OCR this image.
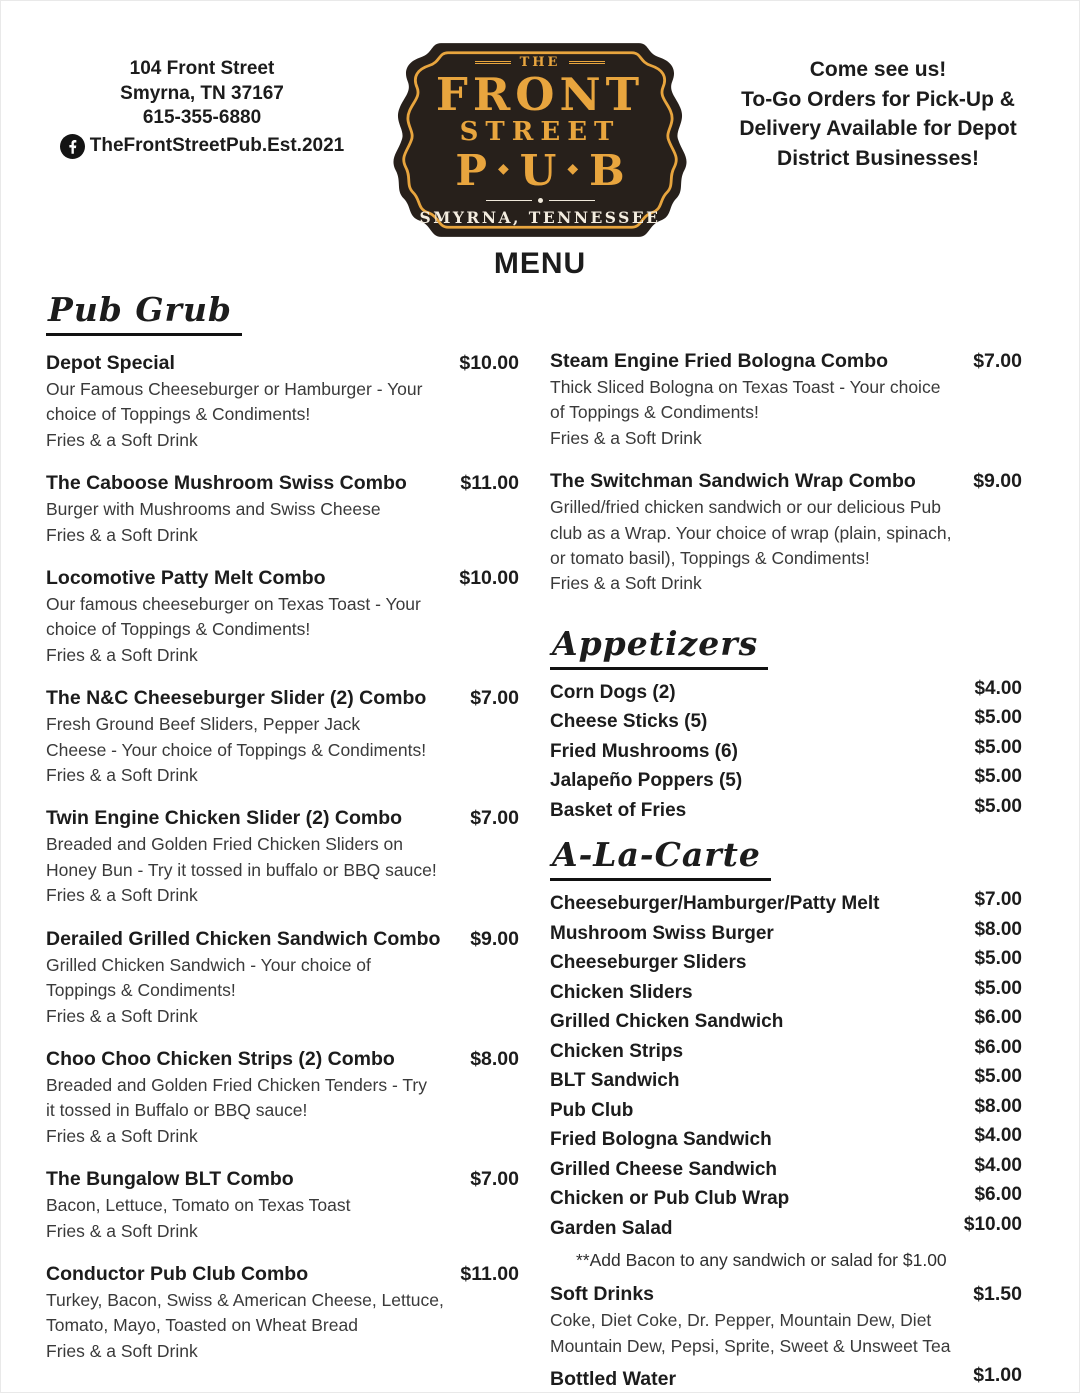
104 Front Street
Smyrna, TN 37167
615-355-6880
TheFrontStreetPub.Est.2021
THE
FRONT
STREET
P ◆ U ◆ B
SMYRNA, TENNESSEE
Come see us!
To-Go Orders for Pick-Up &
Delivery Available for Depot
District Businesses!
MENU
Pub Grub
Depot Special	$10.00
Our Famous Cheeseburger or Hamburger - Your
choice of Toppings & Condiments!
Fries & a Soft Drink
The Caboose Mushroom Swiss Combo	$11.00
Burger with Mushrooms and Swiss Cheese
Fries & a Soft Drink
Locomotive Patty Melt Combo	$10.00
Our famous cheeseburger on Texas Toast - Your
choice of Toppings & Condiments!
Fries & a Soft Drink
The N&C Cheeseburger Slider (2) Combo $7.00
Fresh Ground Beef Sliders, Pepper Jack
Cheese - Your choice of Toppings & Condiments!
Fries & a Soft Drink
Twin Engine Chicken Slider (2) Combo	$7.00
Breaded and Golden Fried Chicken Sliders on
Honey Bun - Try it tossed in buffalo or BBQ sauce!
Fries & a Soft Drink
Derailed Grilled Chicken Sandwich Combo $9.00
Grilled Chicken Sandwich - Your choice of
Toppings & Condiments!
Fries & a Soft Drink
Choo Choo Chicken Strips (2) Combo	$8.00
Breaded and Golden Fried Chicken Tenders - Try
it tossed in Buffalo or BBQ sauce!
Fries & a Soft Drink
The Bungalow BLT Combo	$7.00
Bacon, Lettuce, Tomato on Texas Toast
Fries & a Soft Drink
Conductor Pub Club Combo	$11.00
Turkey, Bacon, Swiss & American Cheese, Lettuce,
Tomato, Mayo, Toasted on Wheat Bread
Fries & a Soft Drink
Steam Engine Fried Bologna Combo	$7.00
Thick Sliced Bologna on Texas Toast - Your choice
of Toppings & Condiments!
Fries & a Soft Drink
The Switchman Sandwich Wrap Combo	$9.00
Grilled/fried chicken sandwich or our delicious Pub
club as a Wrap. Your choice of wrap (plain, spinach,
or tomato basil), Toppings & Condiments!
Fries & a Soft Drink
Appetizers
Corn Dogs (2)	$4.00
Cheese Sticks (5)	$5.00
Fried Mushrooms (6)	$5.00
Jalapeño Poppers (5)	$5.00
Basket of Fries	$5.00
A-La-Carte
Cheeseburger/Hamburger/Patty Melt	$7.00
Mushroom Swiss Burger	$8.00
Cheeseburger Sliders	$5.00
Chicken Sliders	$5.00
Grilled Chicken Sandwich	$6.00
Chicken Strips	$6.00
BLT Sandwich	$5.00
Pub Club	$8.00
Fried Bologna Sandwich	$4.00
Grilled Cheese Sandwich	$4.00
Chicken or Pub Club Wrap	$6.00
Garden Salad	$10.00
**Add Bacon to any sandwich or salad for $1.00
Soft Drinks	$1.50
Coke, Diet Coke, Dr. Pepper, Mountain Dew, Diet
Mountain Dew, Pepsi, Sprite, Sweet & Unsweet Tea
Bottled Water	$1.00
